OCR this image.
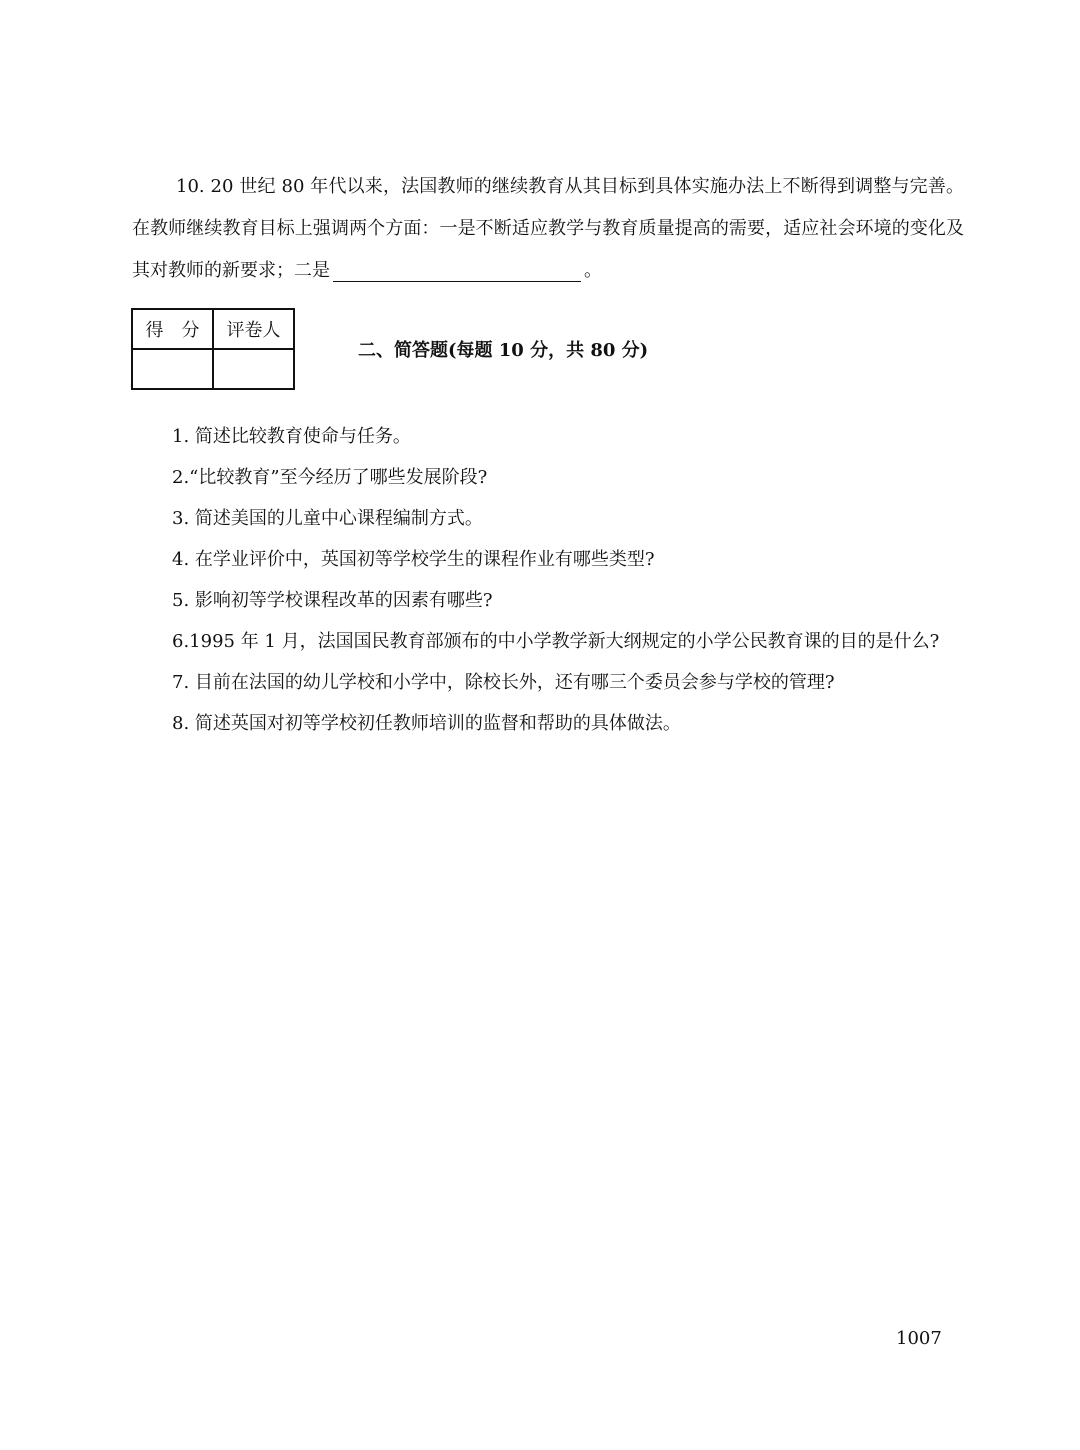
10. 20 世纪 80 年代以来，法国教师的继续教育从其目标到具体实施办法上不断得到调整与完善。在教师继续教育目标上强调两个方面：一是不断适应教学与教育质量提高的需要，适应社会环境的变化及其对教师的新要求；二是	。

得　分	评卷人

二、简答题(每题 10 分，共 80 分)

1. 简述比较教育使命与任务。
2.“比较教育”至今经历了哪些发展阶段?
3. 简述美国的儿童中心课程编制方式。
4. 在学业评价中，英国初等学校学生的课程作业有哪些类型?
5. 影响初等学校课程改革的因素有哪些?
6.1995 年 1 月，法国国民教育部颁布的中小学教学新大纲规定的小学公民教育课的目的是什么?
7. 目前在法国的幼儿学校和小学中，除校长外，还有哪三个委员会参与学校的管理?
8. 简述英国对初等学校初任教师培训的监督和帮助的具体做法。

1007
